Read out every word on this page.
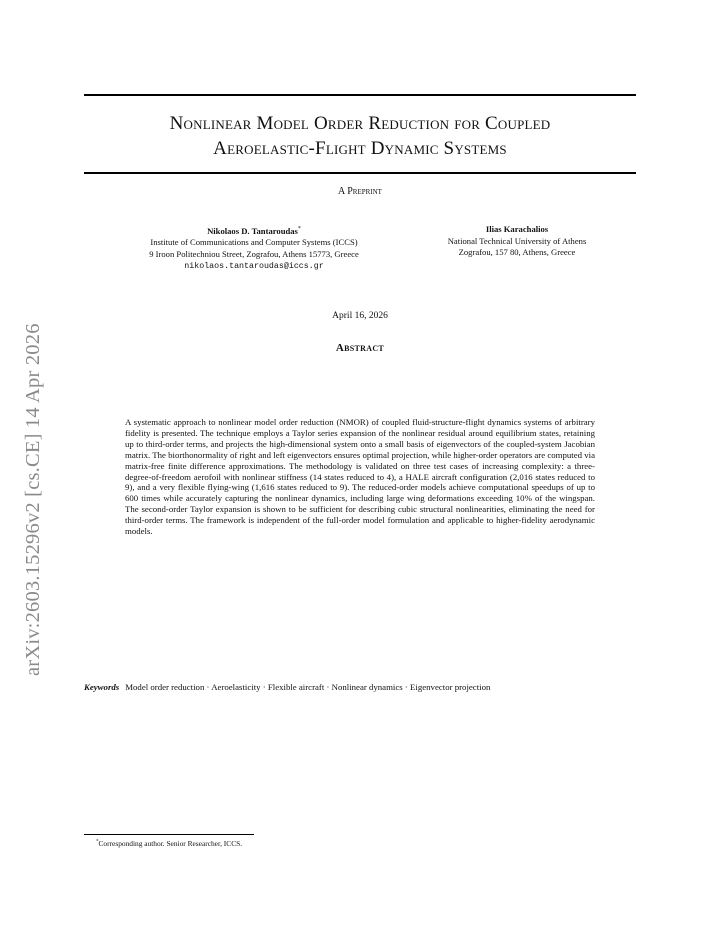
arXiv:2603.15296v2 [cs.CE] 14 Apr 2026
Nonlinear Model Order Reduction for Coupled
Aeroelastic-Flight Dynamic Systems
A Preprint
Nikolaos D. Tantaroudas*
Institute of Communications and Computer Systems (ICCS)
9 Iroon Politechniou Street, Zografou, Athens 15773, Greece
nikolaos.tantaroudas@iccs.gr
Ilias Karachalios
National Technical University of Athens
Zografou, 157 80, Athens, Greece
April 16, 2026
Abstract
A systematic approach to nonlinear model order reduction (NMOR) of coupled fluid-structure-flight dynamics systems of arbitrary fidelity is presented. The technique employs a Taylor series expansion of the nonlinear residual around equilibrium states, retaining up to third-order terms, and projects the high-dimensional system onto a small basis of eigenvectors of the coupled-system Jacobian matrix. The biorthonormality of right and left eigenvectors ensures optimal projection, while higher-order operators are computed via matrix-free finite difference approximations. The methodology is validated on three test cases of increasing complexity: a three-degree-of-freedom aerofoil with nonlinear stiffness (14 states reduced to 4), a HALE aircraft configuration (2,016 states reduced to 9), and a very flexible flying-wing (1,616 states reduced to 9). The reduced-order models achieve computational speedups of up to 600 times while accurately capturing the nonlinear dynamics, including large wing deformations exceeding 10% of the wingspan. The second-order Taylor expansion is shown to be sufficient for describing cubic structural nonlinearities, eliminating the need for third-order terms. The framework is independent of the full-order model formulation and applicable to higher-fidelity aerodynamic models.
Keywords Model order reduction · Aeroelasticity · Flexible aircraft · Nonlinear dynamics · Eigenvector projection
*Corresponding author. Senior Researcher, ICCS.
